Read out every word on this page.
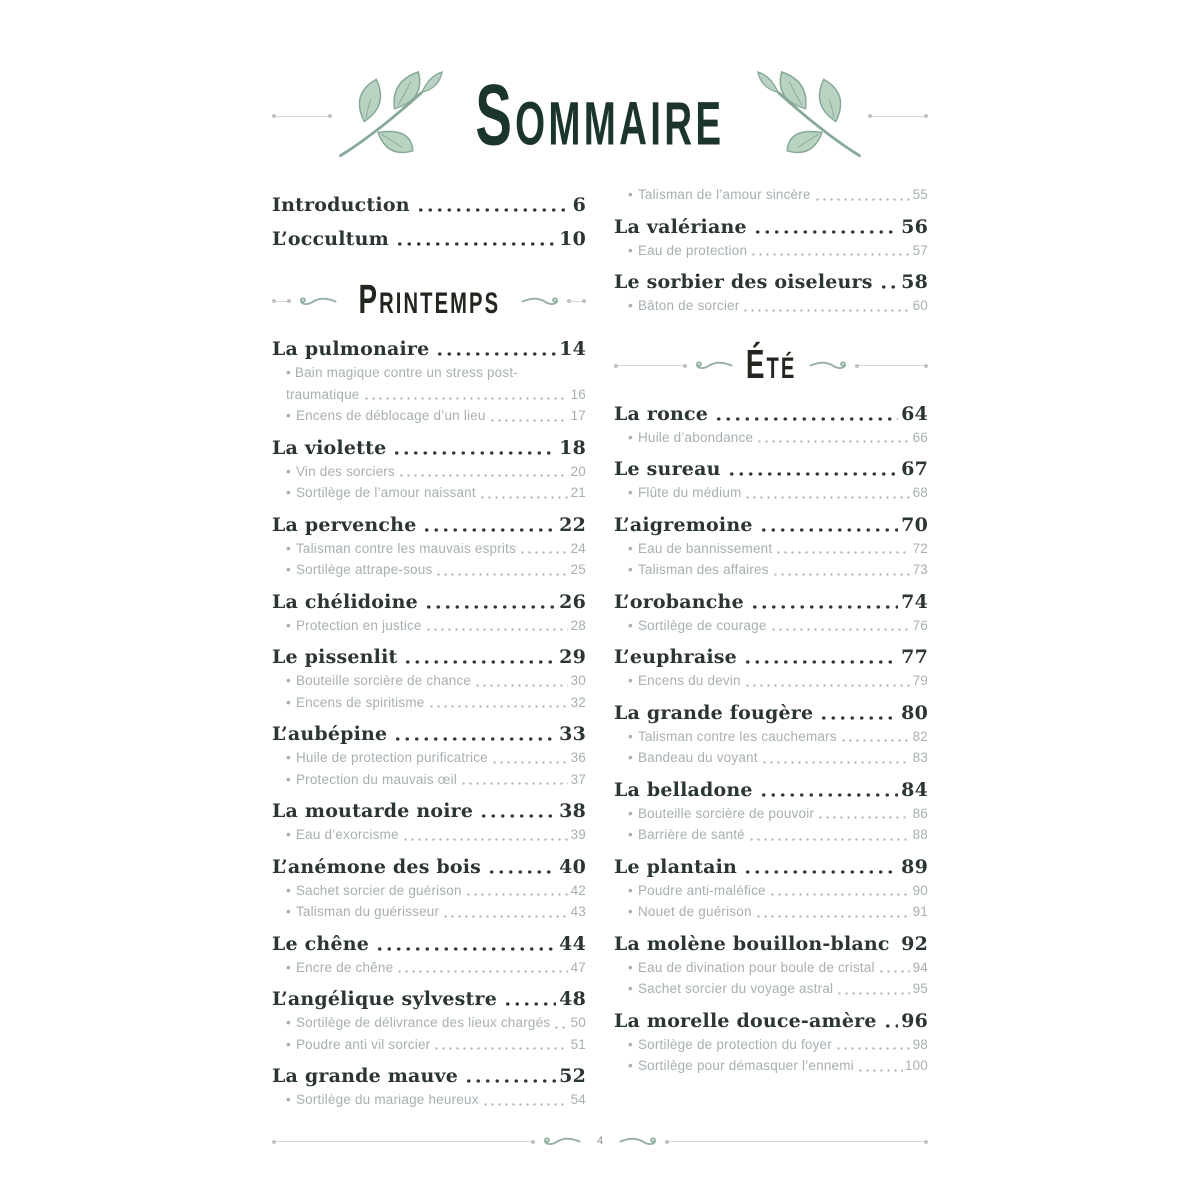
SOMMAIRE
Introduction	6
L’occultum	10
PRINTEMPS
La pulmonaire	14
• Bain magique contre un stress post-
traumatique	16
• Encens de déblocage d’un lieu	17
La violette	18
• Vin des sorciers	20
• Sortilège de l’amour naissant	21
La pervenche	22
• Talisman contre les mauvais esprits	24
• Sortilège attrape-sous	25
La chélidoine	26
• Protection en justice	28
Le pissenlit	29
• Bouteille sorcière de chance	30
• Encens de spiritisme	32
L’aubépine	33
• Huile de protection purificatrice	36
• Protection du mauvais œil	37
La moutarde noire	38
• Eau d’exorcisme	39
L’anémone des bois	40
• Sachet sorcier de guérison	42
• Talisman du guérisseur	43
Le chêne	44
• Encre de chêne	47
L’angélique sylvestre	48
• Sortilège de délivrance des lieux chargés 50
• Poudre anti vil sorcier	51
La grande mauve	52
• Sortilège du mariage heureux	54
• Talisman de l’amour sincère	55
La valériane	56
• Eau de protection	57
Le sorbier des oiseleurs 58
• Bâton de sorcier	60
ÉTÉ
La ronce	64
• Huile d’abondance	66
Le sureau	67
• Flûte du médium	68
L’aigremoine	70
• Eau de bannissement	72
• Talisman des affaires	73
L’orobanche	74
• Sortilège de courage	76
L’euphraise	77
• Encens du devin	79
La grande fougère	80
• Talisman contre les cauchemars	82
• Bandeau du voyant	83
La belladone	84
• Bouteille sorcière de pouvoir	86
• Barrière de santé	88
Le plantain	89
• Poudre anti-maléfice	90
• Nouet de guérison	91
La molène bouillon-blanc 92
• Eau de divination pour boule de cristal	94
• Sachet sorcier du voyage astral	95
La morelle douce-amère 96
• Sortilège de protection du foyer	98
• Sortilège pour démasquer l’ennemi	100
4
